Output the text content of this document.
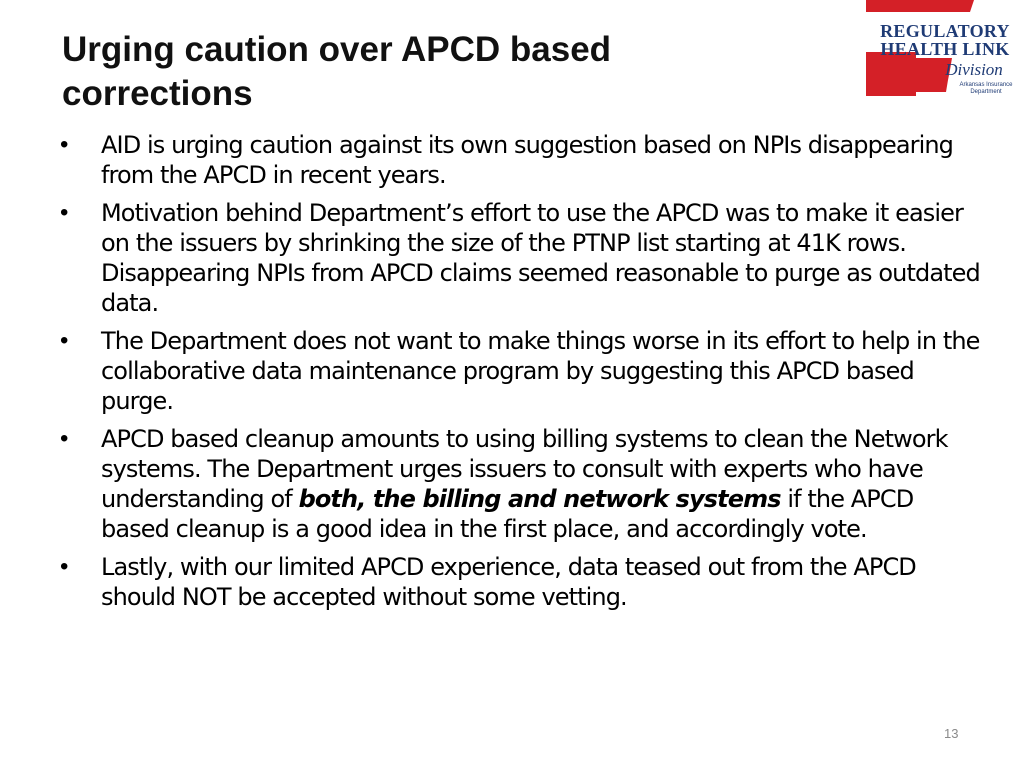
Urging caution over APCD based
corrections
REGULATORY
HEALTH LINK
Division
Arkansas Insurance Department
•	AID is urging caution against its own suggestion based on NPIs disappearing from the APCD in recent years.
•	Motivation behind Department’s effort to use the APCD was to make it easier on the issuers by shrinking the size of the PTNP list starting at 41K rows. Disappearing NPIs from APCD claims seemed reasonable to purge as outdated data.
•	The Department does not want to make things worse in its effort to help in the collaborative data maintenance program by suggesting this APCD based purge.
•	APCD based cleanup amounts to using billing systems to clean the Network systems. The Department urges issuers to consult with experts who have understanding of both, the billing and network systems if the APCD based cleanup is a good idea in the first place, and accordingly vote.
•	Lastly, with our limited APCD experience, data teased out from the APCD should NOT be accepted without some vetting.
13
